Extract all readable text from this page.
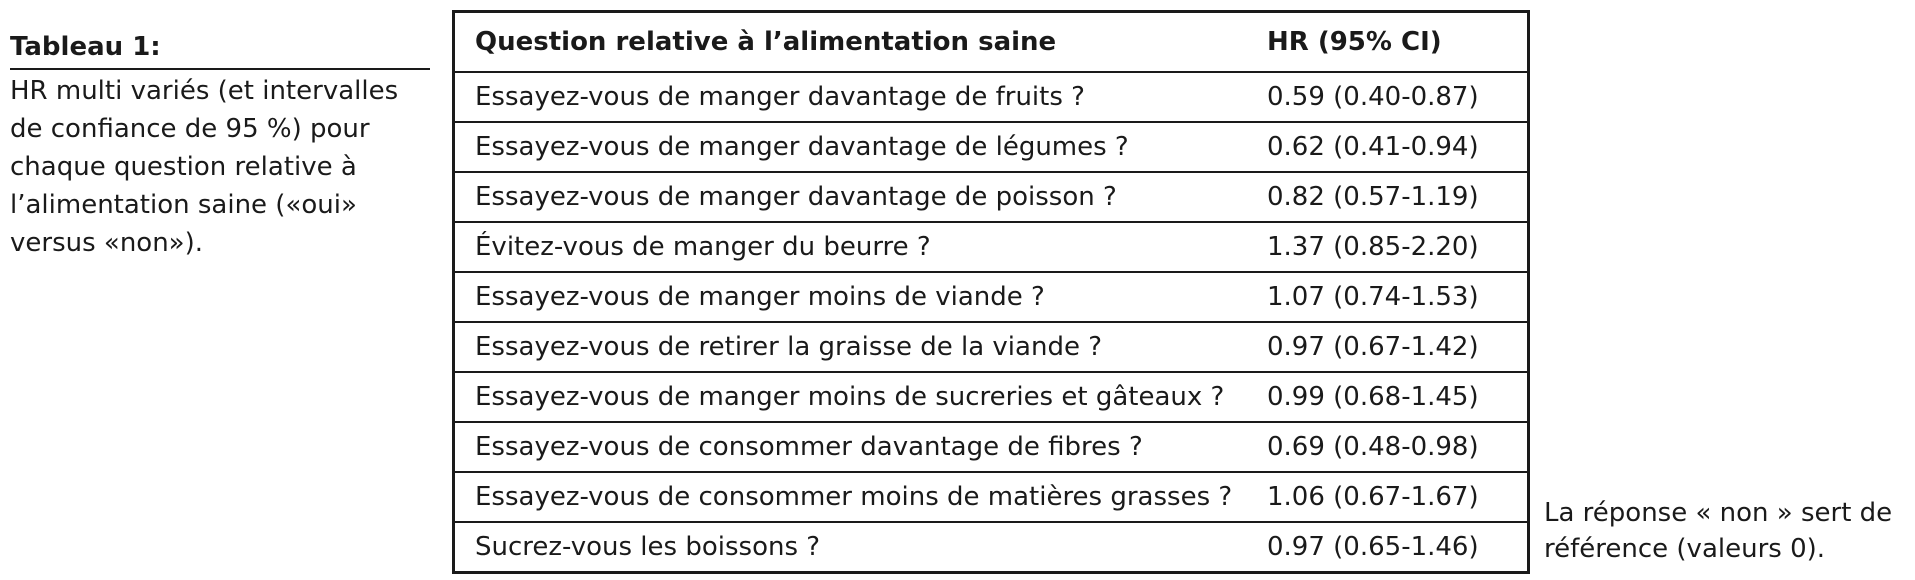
Tableau 1:
HR multi variés (et intervalles de confiance de 95 %) pour chaque question relative à l’alimentation saine («oui» versus «non»).
Question relative à l’alimentation saine	HR (95% CI)
Essayez-vous de manger davantage de fruits ?	0.59 (0.40-0.87)
Essayez-vous de manger davantage de légumes ?	0.62 (0.41-0.94)
Essayez-vous de manger davantage de poisson ?	0.82 (0.57-1.19)
Évitez-vous de manger du beurre ?	1.37 (0.85-2.20)
Essayez-vous de manger moins de viande ?	1.07 (0.74-1.53)
Essayez-vous de retirer la graisse de la viande ?	0.97 (0.67-1.42)
Essayez-vous de manger moins de sucreries et gâteaux ?	0.99 (0.68-1.45)
Essayez-vous de consommer davantage de fibres ?	0.69 (0.48-0.98)
Essayez-vous de consommer moins de matières grasses ?	1.06 (0.67-1.67)
Sucrez-vous les boissons ?	0.97 (0.65-1.46)
La réponse « non » sert de référence (valeurs 0).
